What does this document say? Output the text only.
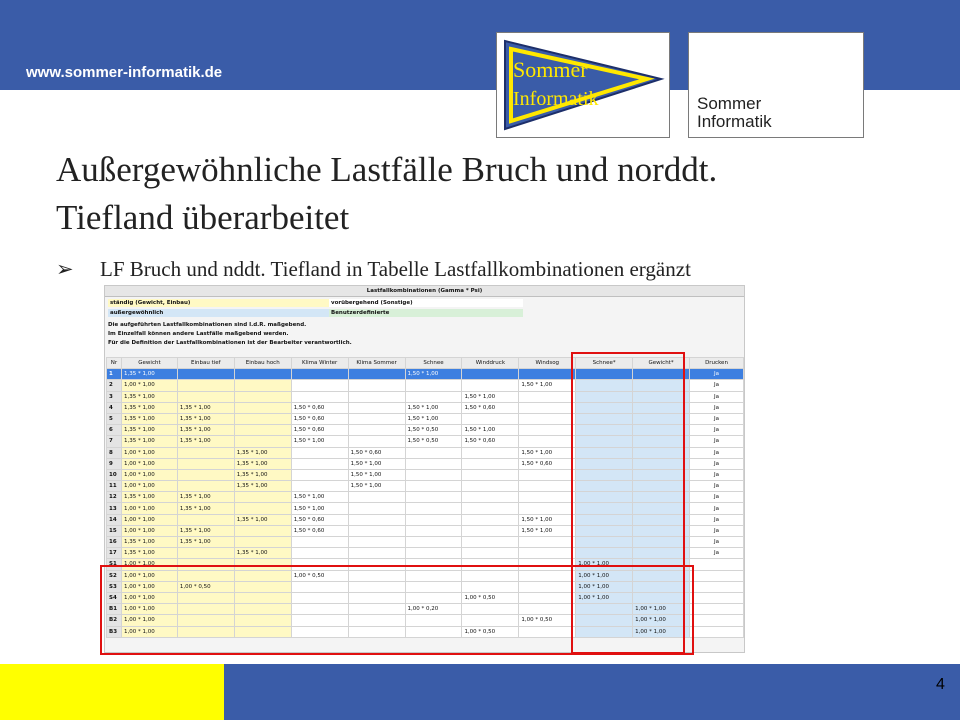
www.sommer-informatik.de	Sommer
Informatik	Sommer
Informatik
Außergewöhnliche Lastfälle Bruch und norddt. Tiefland überarbeitet
➢ LF Bruch und nddt. Tiefland in Tabelle Lastfallkombinationen ergänzt
Lastfallkombinationen (Gamma * Psi)
ständig (Gewicht, Einbau)	vorübergehend (Sonstige)
außergewöhnlich	Benutzerdefinierte
Die aufgeführten Lastfallkombinationen sind I.d.R. maßgebend.
Im Einzelfall können andere Lastfälle maßgebend werden.
Für die Definition der Lastfallkombinationen ist der Bearbeiter verantwortlich.
Nr	Gewicht	Einbau tief	Einbau hoch	Klima Winter	Klima Sommer	Schnee	Winddruck	Windsog	Schnee*	Gewicht*	Drucken
1	1,35 * 1,00					1,50 * 1,00					Ja
2	1,00 * 1,00							1,50 * 1,00			Ja
3	1,35 * 1,00						1,50 * 1,00				Ja
4	1,35 * 1,00	1,35 * 1,00		1,50 * 0,60		1,50 * 1,00	1,50 * 0,60				Ja
5	1,35 * 1,00	1,35 * 1,00		1,50 * 0,60		1,50 * 1,00					Ja
6	1,35 * 1,00	1,35 * 1,00		1,50 * 0,60		1,50 * 0,50	1,50 * 1,00				Ja
7	1,35 * 1,00	1,35 * 1,00		1,50 * 1,00		1,50 * 0,50	1,50 * 0,60				Ja
8	1,00 * 1,00		1,35 * 1,00		1,50 * 0,60			1,50 * 1,00			Ja
9	1,00 * 1,00		1,35 * 1,00		1,50 * 1,00			1,50 * 0,60			Ja
10	1,00 * 1,00		1,35 * 1,00		1,50 * 1,00						Ja
11	1,00 * 1,00		1,35 * 1,00		1,50 * 1,00						Ja
12	1,35 * 1,00	1,35 * 1,00		1,50 * 1,00							Ja
13	1,00 * 1,00	1,35 * 1,00		1,50 * 1,00							Ja
14	1,00 * 1,00		1,35 * 1,00	1,50 * 0,60				1,50 * 1,00			Ja
15	1,00 * 1,00	1,35 * 1,00		1,50 * 0,60				1,50 * 1,00			Ja
16	1,35 * 1,00	1,35 * 1,00									Ja
17	1,35 * 1,00		1,35 * 1,00								Ja
S1	1,00 * 1,00								1,00 * 1,00		
S2	1,00 * 1,00			1,00 * 0,50					1,00 * 1,00		
S3	1,00 * 1,00	1,00 * 0,50							1,00 * 1,00		
S4	1,00 * 1,00						1,00 * 0,50		1,00 * 1,00		
B1	1,00 * 1,00					1,00 * 0,20				1,00 * 1,00	
B2	1,00 * 1,00							1,00 * 0,50		1,00 * 1,00	
B3	1,00 * 1,00						1,00 * 0,50			1,00 * 1,00	
4
